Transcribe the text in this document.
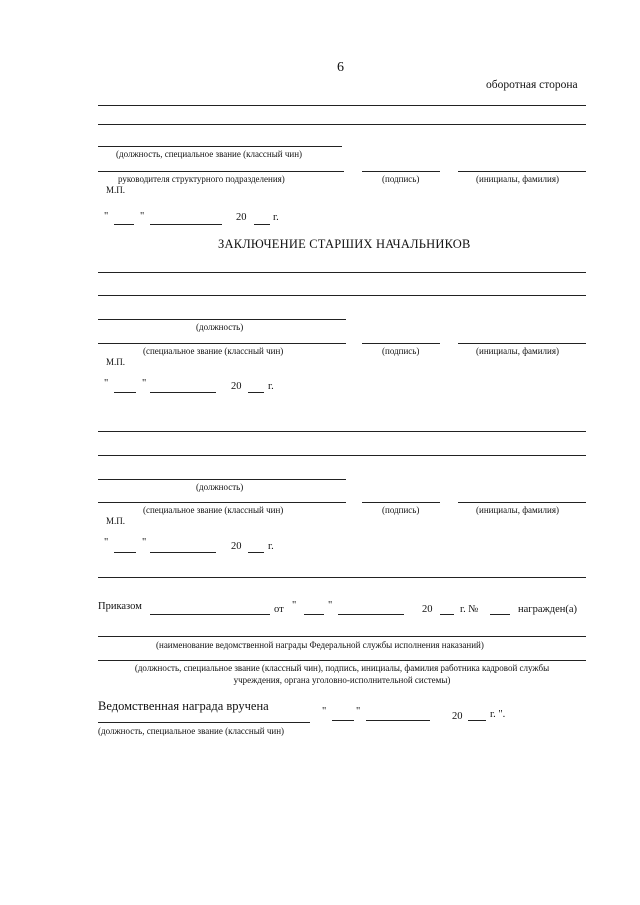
6
оборотная сторона
(должность, специальное звание (классный чин)
руководителя структурного подразделения)	(подпись)	(инициалы, фамилия)
М.П.
"	"	20	г.
ЗАКЛЮЧЕНИЕ СТАРШИХ НАЧАЛЬНИКОВ
(должность)
(специальное звание (классный чин)	(подпись)	(инициалы, фамилия)
М.П.
"	"	20	г.
(должность)
(специальное звание (классный чин)	(подпись)	(инициалы, фамилия)
М.П.
"	"	20	г.
Приказом	от "	"	20	г. №	награжден(а)
(наименование ведомственной награды Федеральной службы исполнения наказаний)
(должность, специальное звание (классный чин), подпись, инициалы, фамилия работника кадровой службы
учреждения, органа уголовно-исполнительной системы)
Ведомственная награда вручена	"	"	20	г. ".
(должность, специальное звание (классный чин)
